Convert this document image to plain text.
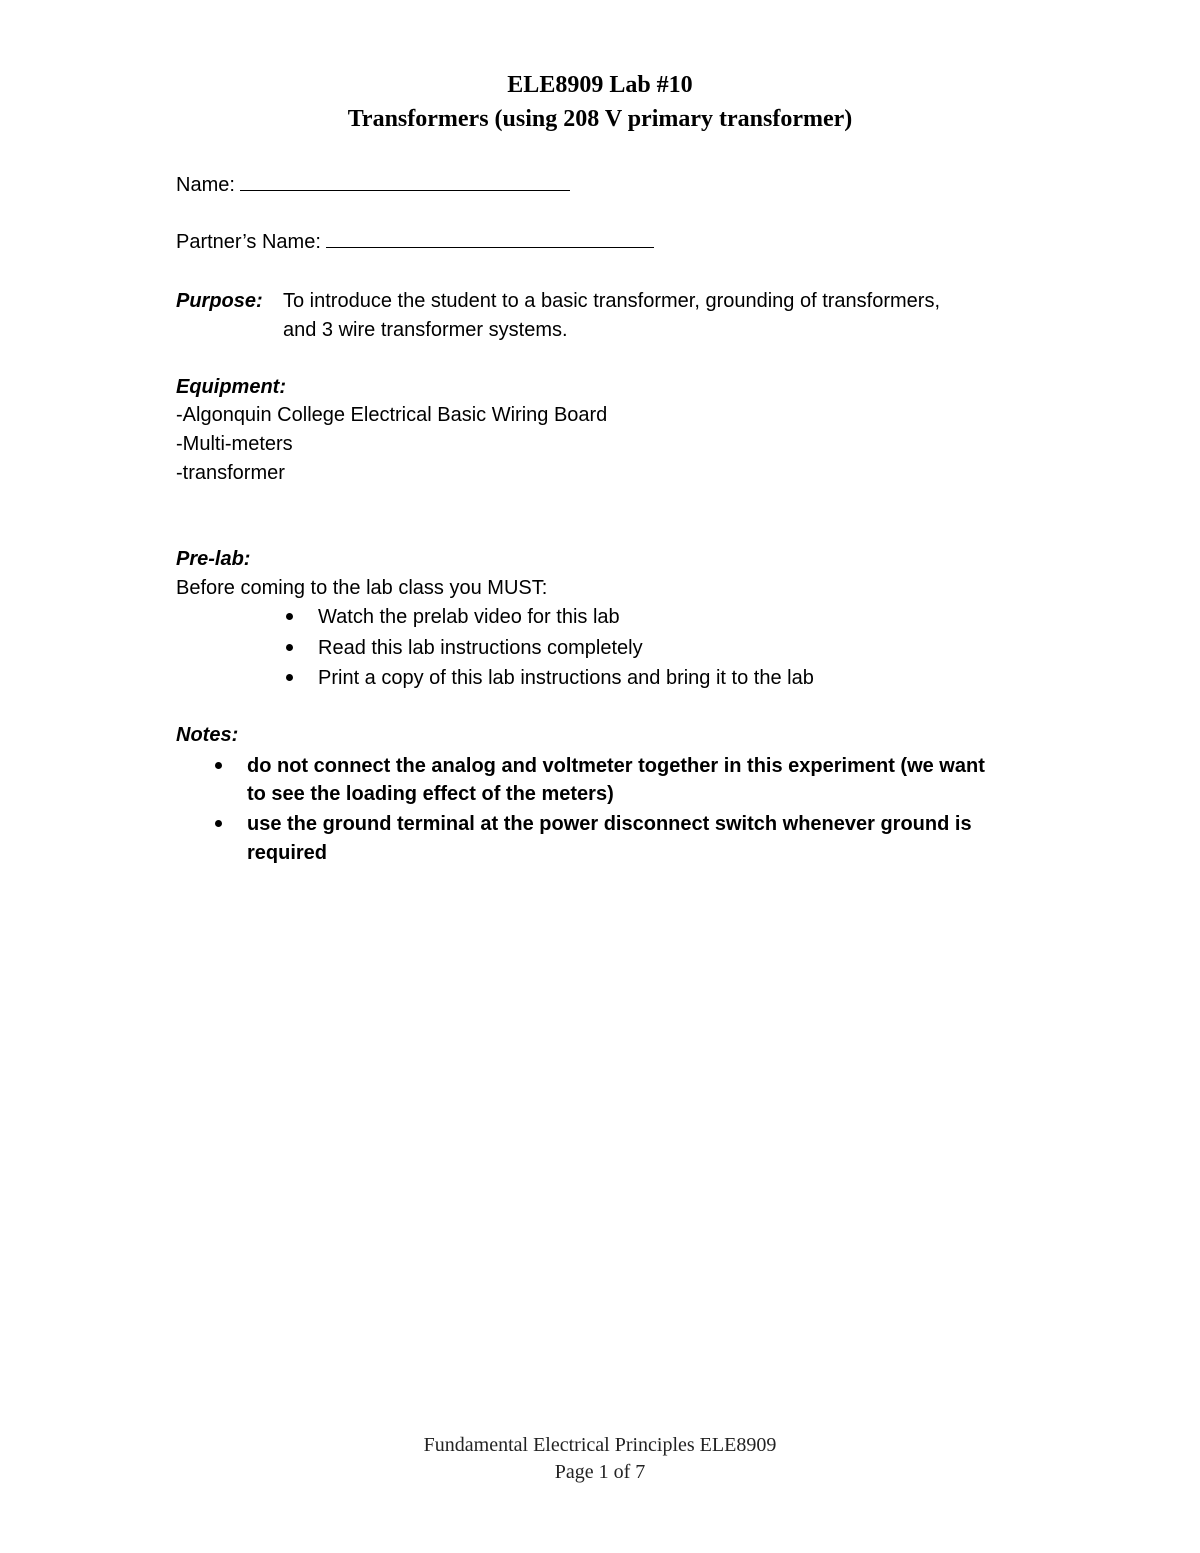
ELE8909 Lab #10
Transformers (using 208 V primary transformer)
Name:
Partner’s Name:
Purpose: To introduce the student to a basic transformer, grounding of transformers,
and 3 wire transformer systems.
Equipment:
-Algonquin College Electrical Basic Wiring Board
-Multi-meters
-transformer
Pre-lab:
Before coming to the lab class you MUST:
Watch the prelab video for this lab
Read this lab instructions completely
Print a copy of this lab instructions and bring it to the lab
Notes:
do not connect the analog and voltmeter together in this experiment (we want
to see the loading effect of the meters)
use the ground terminal at the power disconnect switch whenever ground is
required
Fundamental Electrical Principles ELE8909
Page 1 of 7
